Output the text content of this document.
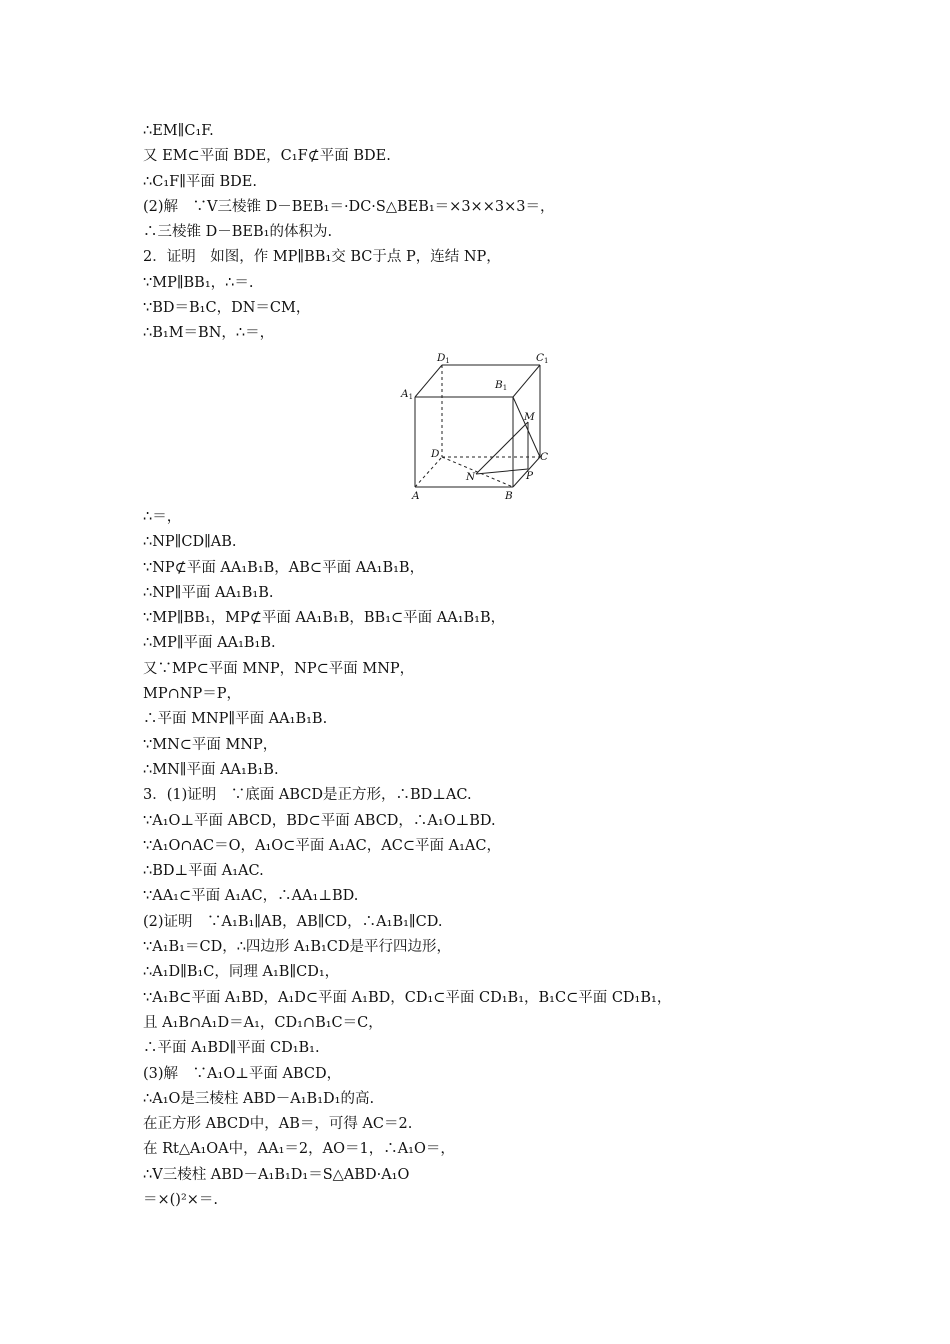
∴EM∥C₁F.
又 EM⊂平面 BDE，C₁F⊄平面 BDE.
∴C₁F∥平面 BDE.
(2)解　∵V三棱锥 D－BEB₁＝·DC·S△BEB₁＝×3××3×3＝，
∴三棱锥 D－BEB₁的体积为.
2．证明　如图，作 MP∥BB₁交 BC于点 P，连结 NP，
∵MP∥BB₁，∴＝.
∵BD＝B₁C，DN＝CM，
∴B₁M＝BN，∴＝，
D1	C1
A1
B1
M
D	C
N	P
A	B
∴＝，
∴NP∥CD∥AB.
∵NP⊄平面 AA₁B₁B，AB⊂平面 AA₁B₁B，
∴NP∥平面 AA₁B₁B.
∵MP∥BB₁，MP⊄平面 AA₁B₁B，BB₁⊂平面 AA₁B₁B，
∴MP∥平面 AA₁B₁B.
又∵MP⊂平面 MNP，NP⊂平面 MNP，
MP∩NP＝P，
∴平面 MNP∥平面 AA₁B₁B.
∵MN⊂平面 MNP，
∴MN∥平面 AA₁B₁B.
3．(1)证明　∵底面 ABCD是正方形，∴BD⊥AC.
∵A₁O⊥平面 ABCD，BD⊂平面 ABCD，∴A₁O⊥BD.
∵A₁O∩AC＝O，A₁O⊂平面 A₁AC，AC⊂平面 A₁AC，
∴BD⊥平面 A₁AC.
∵AA₁⊂平面 A₁AC，∴AA₁⊥BD.
(2)证明　∵A₁B₁∥AB，AB∥CD，∴A₁B₁∥CD.
∵A₁B₁＝CD，∴四边形 A₁B₁CD是平行四边形，
∴A₁D∥B₁C，同理 A₁B∥CD₁，
∵A₁B⊂平面 A₁BD，A₁D⊂平面 A₁BD，CD₁⊂平面 CD₁B₁，B₁C⊂平面 CD₁B₁，
且 A₁B∩A₁D＝A₁，CD₁∩B₁C＝C，
∴平面 A₁BD∥平面 CD₁B₁.
(3)解　∵A₁O⊥平面 ABCD，
∴A₁O是三棱柱 ABD－A₁B₁D₁的高.
在正方形 ABCD中，AB＝，可得 AC＝2.
在 Rt△A₁OA中，AA₁＝2，AO＝1，∴A₁O＝，
∴V三棱柱 ABD－A₁B₁D₁＝S△ABD·A₁O
＝×()²×＝.
